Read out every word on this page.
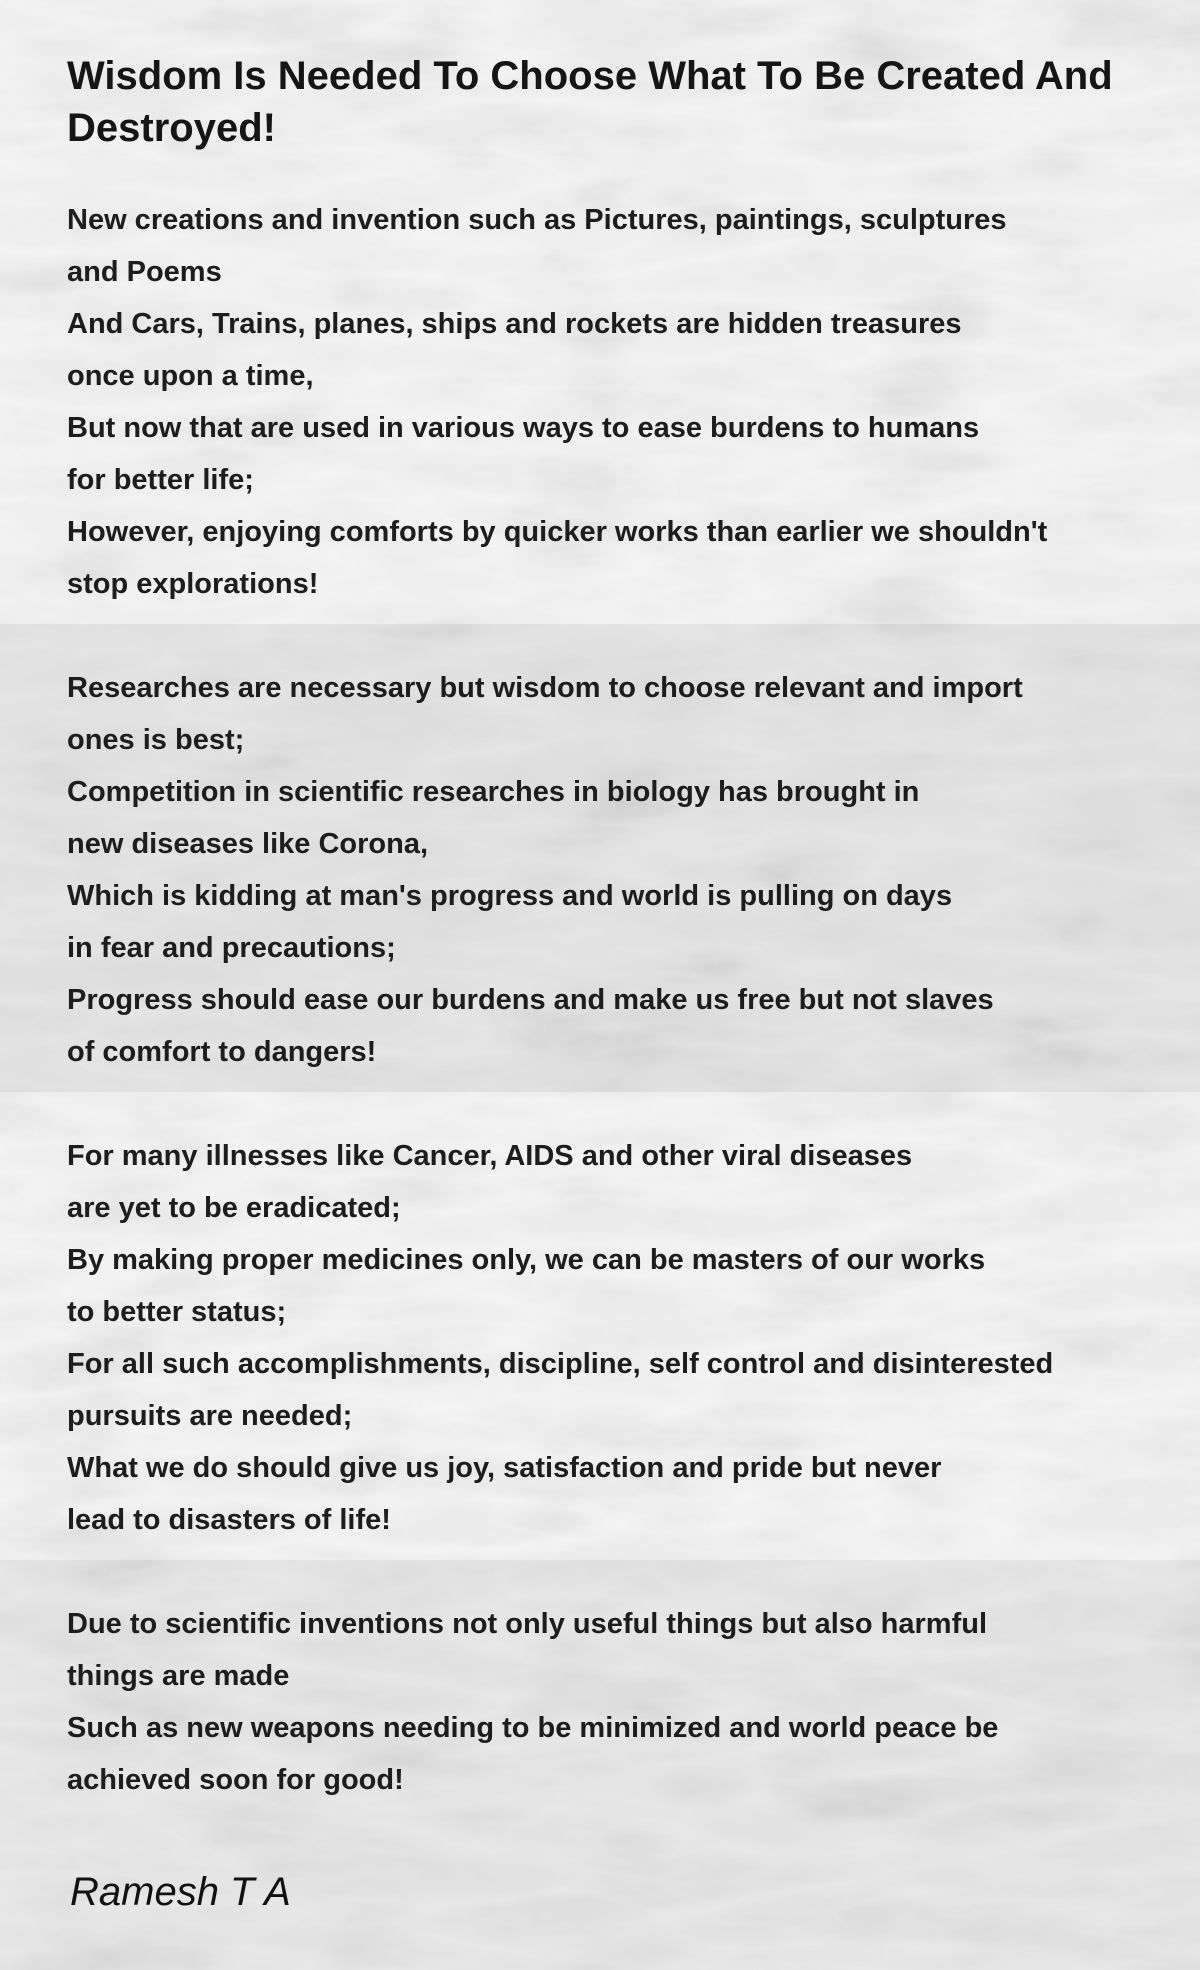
Wisdom Is Needed To Choose What To Be Created And Destroyed!
New creations and invention such as Pictures, paintings, sculptures
and Poems
And Cars, Trains, planes, ships and rockets are hidden treasures
once upon a time,
But now that are used in various ways to ease burdens to humans
for better life;
However, enjoying comforts by quicker works than earlier we shouldn't
stop explorations!
Researches are necessary but wisdom to choose relevant and import
ones is best;
Competition in scientific researches in biology has brought in
new diseases like Corona,
Which is kidding at man's progress and world is pulling on days
in fear and precautions;
Progress should ease our burdens and make us free but not slaves
of comfort to dangers!
For many illnesses like Cancer, AIDS and other viral diseases
are yet to be eradicated;
By making proper medicines only, we can be masters of our works
to better status;
For all such accomplishments, discipline, self control and disinterested
pursuits are needed;
What we do should give us joy, satisfaction and pride but never
lead to disasters of life!
Due to scientific inventions not only useful things but also harmful
things are made
Such as new weapons needing to be minimized and world peace be
achieved soon for good!
Ramesh T A
